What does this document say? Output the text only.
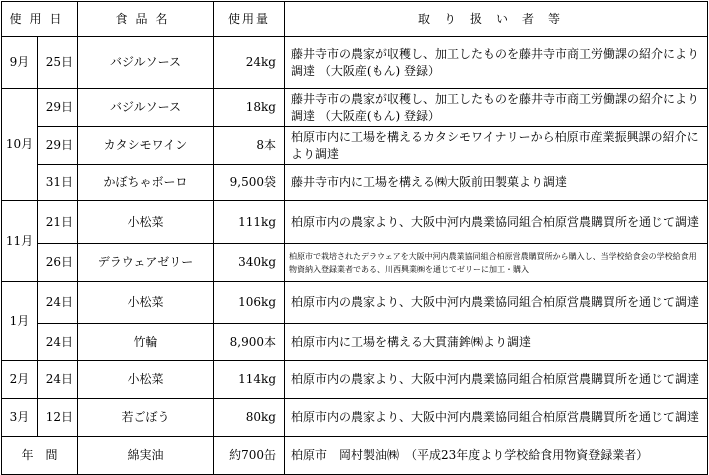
使用日		食品名	使用量	取り扱い者等
9月	25日	バジルソース	24kg	藤井寺市の農家が収穫し、加工したものを藤井寺市商工労働課の紹介により調達 （大阪産(もん) 登録）
10月	29日	バジルソース	18kg	藤井寺市の農家が収穫し、加工したものを藤井寺市商工労働課の紹介により調達 （大阪産(もん) 登録）
	29日	カタシモワイン	8本	柏原市内に工場を構えるカタシモワイナリーから柏原市産業振興課の紹介により調達
	31日	かぼちゃボーロ	9,500袋	藤井寺市内に工場を構える㈱大阪前田製菓より調達
11月	21日	小松菜	111kg	柏原市内の農家より、大阪中河内農業協同組合柏原営農購買所を通じて調達
	26日	デラウェアゼリー	340kg	柏原市で栽培されたデラウェアを大阪中河内農業協同組合柏原営農購買所から購入し、当学校給食会の学校給食用物資納入登録業者である、川西興業㈱を通じてゼリーに加工・購入
1月	24日	小松菜	106kg	柏原市内の農家より、大阪中河内農業協同組合柏原営農購買所を通じて調達
	24日	竹輪	8,900本	柏原市内に工場を構える大貫蒲鉾㈱より調達
2月	24日	小松菜	114kg	柏原市内の農家より、大阪中河内農業協同組合柏原営農購買所を通じて調達
3月	12日	若ごぼう	80kg	柏原市内の農家より、大阪中河内農業協同組合柏原営農購買所を通じて調達
年　間		綿実油	約700缶	柏原市　岡村製油㈱　（平成23年度より学校給食用物資登録業者）
